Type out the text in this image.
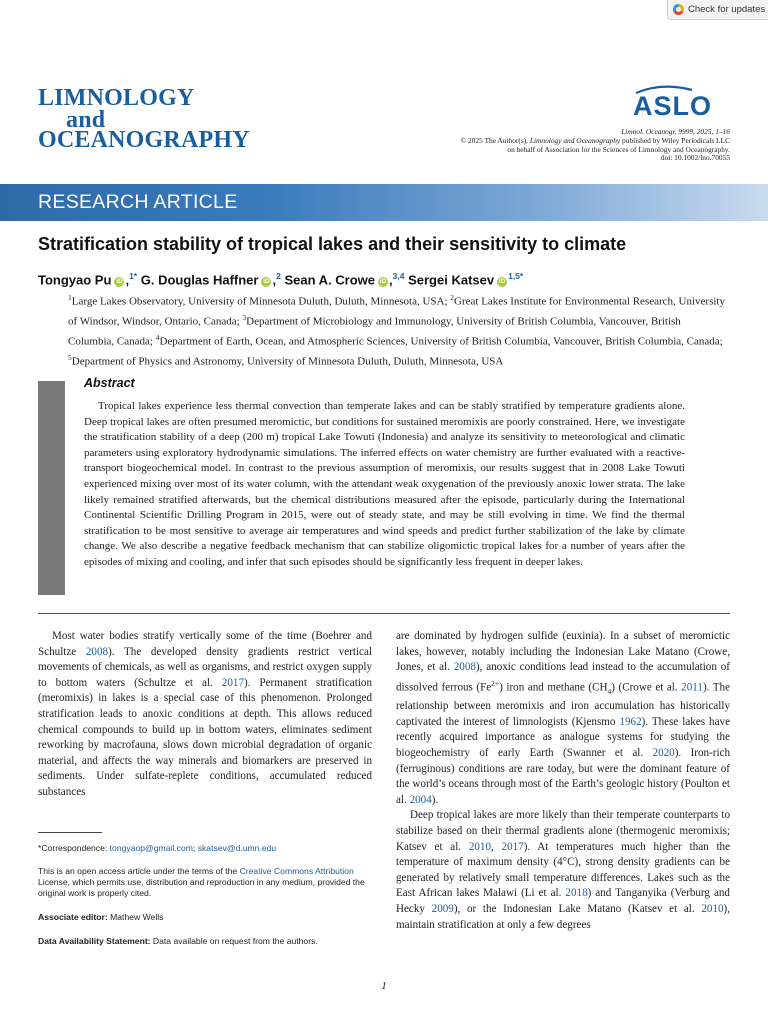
Check for updates
LIMNOLOGY
and
OCEANOGRAPHY
ASLO
Limnol. Oceanogr. 9999, 2025, 1–16
© 2025 The Author(s). Limnology and Oceanography published by Wiley Periodicals LLC
on behalf of Association for the Sciences of Limnology and Oceanography.
doi: 10.1002/lno.70055
RESEARCH ARTICLE
Stratification stability of tropical lakes and their sensitivity to climate
Tongyao Pu iD ,$^{1*}$ G. Douglas Haffner iD ,$^2$ Sean A. Crowe iD ,$^{3,4}$ Sergei Katsev $iD^{1,5*}$
$^1$Large Lakes Observatory, University of Minnesota Duluth, Duluth, Minnesota, USA; $^2$Great Lakes Institute for Environmental Research, University of Windsor, Windsor, Ontario, Canada; $^3$Department of Microbiology and Immunology, University of British Columbia, Vancouver, British Columbia, Canada; $^4$Department of Earth, Ocean, and Atmospheric Sciences, University of British Columbia, Vancouver, British Columbia, Canada; $^5$Department of Physics and Astronomy, University of Minnesota Duluth, Duluth, Minnesota, USA
Abstract

Tropical lakes experience less thermal convection than temperate lakes and can be stably stratified by temperature gradients alone. Deep tropical lakes are often presumed meromictic, but conditions for sustained meromixis are poorly constrained. Here, we investigate the stratification stability of a deep (200 m) tropical Lake Towuti (Indonesia) and analyze its sensitivity to meteorological and climatic parameters using exploratory hydrodynamic simulations. The inferred effects on water chemistry are further evaluated with a reactive-transport biogeochemical model. In contrast to the previous assumption of meromixis, our results suggest that in 2008 Lake Towuti experienced mixing over most of its water column, with the attendant weak oxygenation of the previously anoxic lower strata. The lake likely remained stratified afterwards, but the chemical distributions measured after the episode, particularly during the International Continental Scientific Drilling Program in 2015, were out of steady state, and may be still evolving in time. We find the thermal stratification to be most sensitive to average air temperatures and wind speeds and predict further stabilization of the lake by climate change. We also describe a negative feedback mechanism that can stabilize oligomictic tropical lakes for a number of years after the episodes of mixing and cooling, and infer that such episodes should be significantly less frequent in deeper lakes.

Most water bodies stratify vertically some of the time (Boehrer and Schultze 2008). The developed density gradients restrict vertical movements of chemicals, as well as organisms, and restrict oxygen supply to bottom waters (Schultze et al. 2017). Permanent stratification (meromixis) in lakes is a special case of this phenomenon. Prolonged stratification leads to anoxic conditions at depth. This allows reduced chemical compounds to build up in bottom waters, eliminates sediment reworking by macrofauna, slows down microbial degradation of organic material, and affects the way minerals and biomarkers are preserved in sediments. Under sulfate-replete conditions, accumulated reduced substances

*Correspondence: tongyaop@gmail.com; skatsev@d.umn.edu
This is an open access article under the terms of the Creative Commons Attribution License, which permits use, distribution and reproduction in any medium, provided the original work is properly cited.
Associate editor: Mathew Wells
Data Availability Statement: Data available on request from the authors.

are dominated by hydrogen sulfide (euxinia). In a subset of meromictic lakes, however, notably including the Indonesian Lake Matano (Crowe, Jones, et al. 2008), anoxic conditions lead instead to the accumulation of dissolved ferrous $(Fe^{2+})$ iron and methane $(CH_4)$ (Crowe et al. 2011). The relationship between meromixis and iron accumulation has historically captivated the interest of limnologists (Kjensmo 1962). These lakes have recently acquired importance as analogue systems for studying the biogeochemistry of early Earth (Swanner et al. 2020). Iron-rich (ferruginous) conditions are rare today, but were the dominant feature of the world’s oceans through most of the Earth’s geologic history (Poulton et al. 2004).

Deep tropical lakes are more likely than their temperate counterparts to stabilize based on their thermal gradients alone (thermogenic meromixis; Katsev et al. 2010, 2017). At temperatures much higher than the temperature of maximum density (4°C), strong density gradients can be generated by relatively small temperature differences. Lakes such as the East African lakes Malawi (Li et al. 2018) and Tanganyika (Verburg and Hecky 2009), or the Indonesian Lake Matano (Katsev et al. 2010), maintain stratification at only a few degrees

1
